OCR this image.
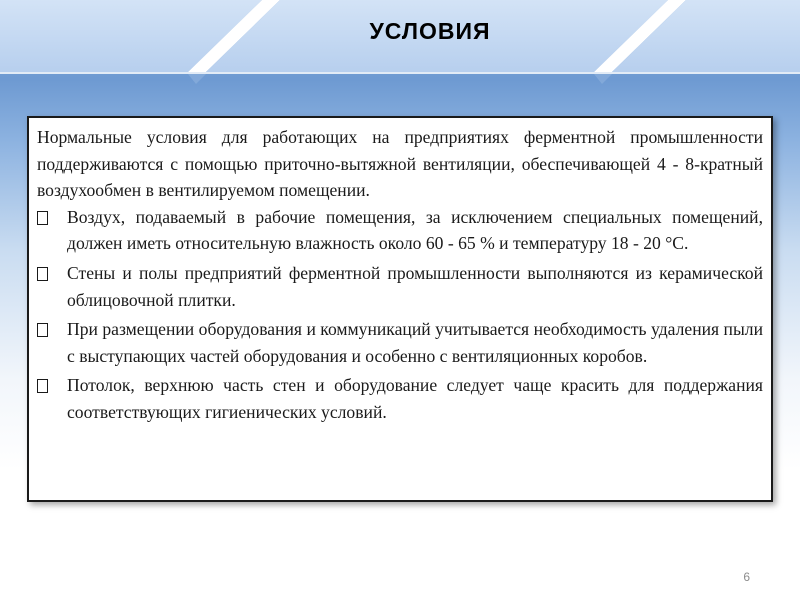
УСЛОВИЯ

Нормальные условия для работающих на предприятиях ферментной промышленности поддерживаются с помощью приточно-вытяжной вентиляции, обеспечивающей 4 - 8-кратный воздухообмен в вентилируемом помещении.

Воздух, подаваемый в рабочие помещения, за исключением специальных помещений, должен иметь относительную влажность около 60 - 65 % и температуру 18 - 20 °С.
Стены и полы предприятий ферментной промышленности выполняются из керамической облицовочной плитки.
При размещении оборудования и коммуникаций учитывается необходимость удаления пыли с выступающих частей оборудования и особенно с вентиляционных коробов.
Потолок, верхнюю часть стен и оборудование следует чаще красить для поддержания соответствующих гигиенических условий.
6
